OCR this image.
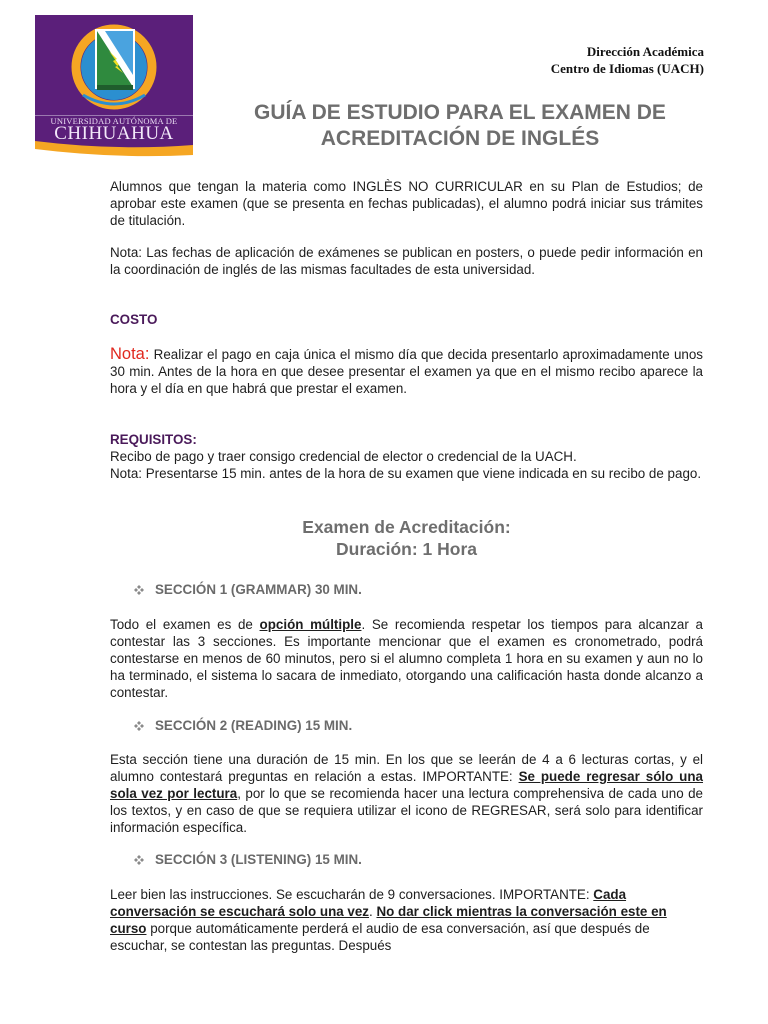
UNIVERSIDAD AUTÓNOMA DE
CHIHUAHUA
Dirección Académica
Centro de Idiomas (UACH)
GUÍA DE ESTUDIO PARA EL EXAMEN DE
ACREDITACIÓN DE INGLÉS
Alumnos que tengan la materia como INGLÈS NO CURRICULAR en su Plan de Estudios; de aprobar este examen (que se presenta en fechas publicadas), el alumno podrá iniciar sus trámites de titulación.
Nota: Las fechas de aplicación de exámenes se publican en posters, o puede pedir información en la coordinación de inglés de las mismas facultades de esta universidad.
COSTO
Nota: Realizar el pago en caja única el mismo día que decida presentarlo aproximadamente unos 30 min. Antes de la hora en que desee presentar el examen ya que en el mismo recibo aparece la hora y el día en que habrá que prestar el examen.
REQUISITOS:
Recibo de pago y traer consigo credencial de elector o credencial de la UACH.
Nota: Presentarse 15 min. antes de la hora de su examen que viene indicada en su recibo de pago.
Examen de Acreditación:
Duración: 1 Hora
SECCIÓN 1 (GRAMMAR) 30 MIN.
Todo el examen es de opción múltiple. Se recomienda respetar los tiempos para alcanzar a contestar las 3 secciones. Es importante mencionar que el examen es cronometrado, podrá contestarse en menos de 60 minutos, pero si el alumno completa 1 hora en su examen y aun no lo ha terminado, el sistema lo sacara de inmediato, otorgando una calificación hasta donde alcanzo a contestar.
SECCIÓN 2 (READING) 15 MIN.
Esta sección tiene una duración de 15 min. En los que se leerán de 4 a 6 lecturas cortas, y el alumno contestará preguntas en relación a estas. IMPORTANTE: Se puede regresar sólo una sola vez por lectura, por lo que se recomienda hacer una lectura comprehensiva de cada uno de los textos, y en caso de que se requiera utilizar el icono de REGRESAR, será solo para identificar información específica.
SECCIÓN 3 (LISTENING) 15 MIN.
Leer bien las instrucciones. Se escucharán de 9 conversaciones. IMPORTANTE: Cada conversación se escuchará solo una vez. No dar click mientras la conversación este en curso porque automáticamente perderá el audio de esa conversación, así que después de escuchar, se contestan las preguntas. Después
